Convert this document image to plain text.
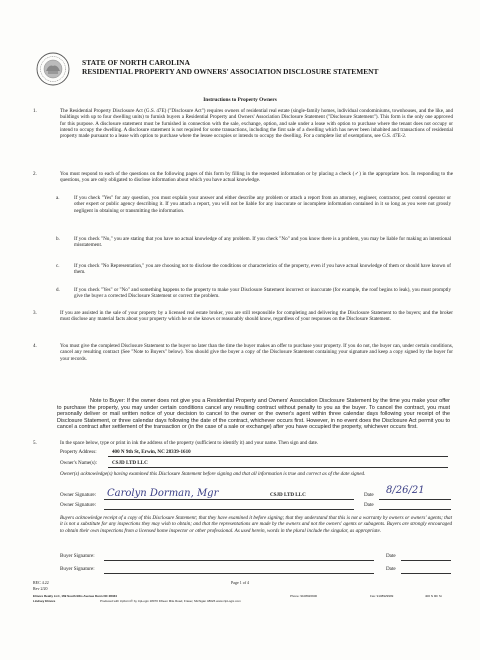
STATE OF NORTH CAROLINA
RESIDENTIAL PROPERTY AND OWNERS' ASSOCIATION DISCLOSURE STATEMENT
Instructions to Property Owners
1.	The Residential Property Disclosure Act (G.S. 47E) ("Disclosure Act") requires owners of residential real estate (single-family homes, individual condominiums, townhouses, and the like, and buildings with up to four dwelling units) to furnish buyers a Residential Property and Owners' Association Disclosure Statement ("Disclosure Statement"). This form is the only one approved for this purpose. A disclosure statement must be furnished in connection with the sale, exchange, option, and sale under a lease with option to purchase where the tenant does not occupy or intend to occupy the dwelling. A disclosure statement is not required for some transactions, including the first sale of a dwelling which has never been inhabited and transactions of residential property made pursuant to a lease with option to purchase where the lessee occupies or intends to occupy the dwelling. For a complete list of exemptions, see G.S. 47E-2.
2.	You must respond to each of the questions on the following pages of this form by filling in the requested information or by placing a check (✓) in the appropriate box. In responding to the questions, you are only obligated to disclose information about which you have actual knowledge.
a.	If you check "Yes" for any question, you must explain your answer and either describe any problem or attach a report from an attorney, engineer, contractor, pest control operator or other expert or public agency describing it. If you attach a report, you will not be liable for any inaccurate or incomplete information contained in it so long as you were not grossly negligent in obtaining or transmitting the information.
b.	If you check "No," you are stating that you have no actual knowledge of any problem. If you check "No" and you know there is a problem, you may be liable for making an intentional misstatement.
c.	If you check "No Representation," you are choosing not to disclose the conditions or characteristics of the property, even if you have actual knowledge of them or should have known of them.
d.	If you check "Yes" or "No" and something happens to the property to make your Disclosure Statement incorrect or inaccurate (for example, the roof begins to leak), you must promptly give the buyer a corrected Disclosure Statement or correct the problem.
3.	If you are assisted in the sale of your property by a licensed real estate broker, you are still responsible for completing and delivering the Disclosure Statement to the buyers; and the broker must disclose any material facts about your property which he or she knows or reasonably should know, regardless of your responses on the Disclosure Statement.
4.	You must give the completed Disclosure Statement to the buyer no later than the time the buyer makes an offer to purchase your property. If you do not, the buyer can, under certain conditions, cancel any resulting contract (See "Note to Buyers" below). You should give the buyer a copy of the Disclosure Statement containing your signature and keep a copy signed by the buyer for your records.
Note to Buyer: If the owner does not give you a Residential Property and Owners' Association Disclosure Statement by the time you make your offer to purchase the property, you may under certain conditions cancel any resulting contract without penalty to you as the buyer. To cancel the contract, you must personally deliver or mail written notice of your decision to cancel to the owner or the owner's agent within three calendar days following your receipt of the Disclosure Statement, or three calendar days following the date of the contract, whichever occurs first. However, in no event does the Disclosure Act permit you to cancel a contract after settlement of the transaction or (in the case of a sale or exchange) after you have occupied the property, whichever occurs first.
5.	In the space below, type or print in ink the address of the property (sufficient to identify it) and your name. Then sign and date.
Property Address:	400 N 9th St, Erwin, NC 28339-1610
Owner's Name(s):	CSJD LTD LLC
Owner(s) acknowledge(s) having examined this Disclosure Statement before signing and that all information is true and correct as of the date signed.
Owner Signature: Carolyn Dorman, Mgr	CSJD LTD LLC	Date 8/26/21
Owner Signature:	Date
Buyers acknowledge receipt of a copy of this Disclosure Statement; that they have examined it before signing; that they understand that this is not a warranty by owners or owners' agents; that it is not a substitute for any inspections they may wish to obtain; and that the representations are made by the owners and not the owners' agents or subagents. Buyers are strongly encouraged to obtain their own inspections from a licensed home inspector or other professional. As used herein, words in the plural include the singular, as appropriate.
Buyer Signature:	Date
Buyer Signature:	Date
REC 4.22
Rev 2/20
Page 1 of 4
Elmore Realty LLC, 169 South Ellis Avenue Dunn NC 28334	Phone: 9108926900	Fax: 9108929999	400 N 9th St
Lindsey Elmore	Produced with zipForm® by zipLogix 18070 Fifteen Mile Road, Fraser, Michigan 48026 www.zipLogix.com
